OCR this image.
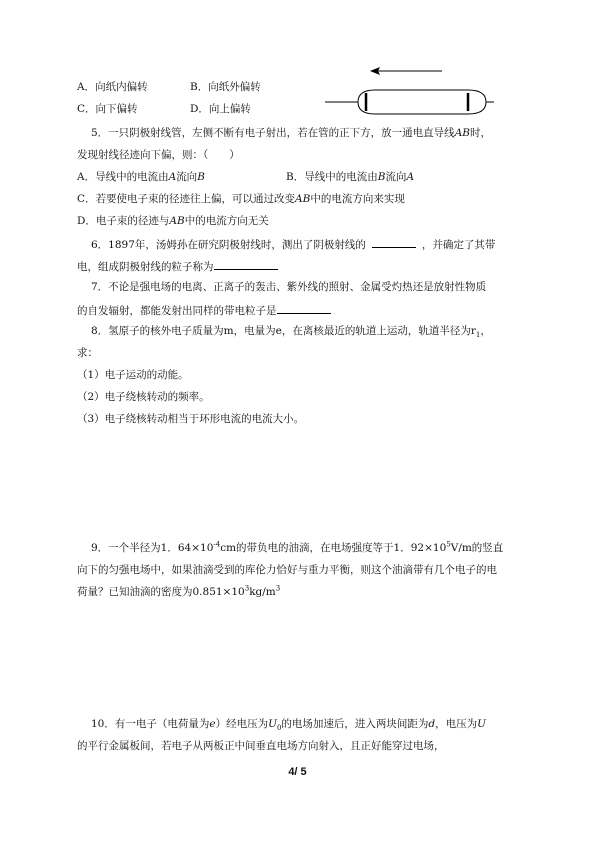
A．向纸内偏转	B．向纸外偏转
C．向下偏转	D．向上偏转
5．一只阴极射线管，左侧不断有电子射出，若在管的正下方，放一通电直导线AB时，
发现射线径迹向下偏，则：（　　）
A．导线中的电流由A流向B	B．导线中的电流由B流向A
C．若要使电子束的径迹往上偏，可以通过改变AB中的电流方向来实现
D．电子束的径迹与AB中的电流方向无关
6．1897年，汤姆孙在研究阴极射线时，测出了阴极射线的	，并确定了其带
电，组成阴极射线的粒子称为
7．不论是强电场的电离、正离子的轰击、紫外线的照射、金属受灼热还是放射性物质
的自发辐射，都能发射出同样的带电粒子是
8．氢原子的核外电子质量为m，电量为e，在离核最近的轨道上运动，轨道半径为$r_1$，
求：
（1）电子运动的动能。
（2）电子绕核转动的频率。
（3）电子绕核转动相当于环形电流的电流大小。
9．一个半径为1．$64\times 10^{-4}cm$的带负电的油滴，在电场强度等于1．$92\times 10^5V/m$的竖直
向下的匀强电场中，如果油滴受到的库伦力恰好与重力平衡，则这个油滴带有几个电子的电
荷量？已知油滴的密度为$0.851\times 10^3kg/m^3$
10．有一电子（电荷量为e）经电压为$U_0$的电场加速后，进入两块间距为d，电压为U
的平行金属板间，若电子从两板正中间垂直电场方向射入，且正好能穿过电场，
4/ 5
